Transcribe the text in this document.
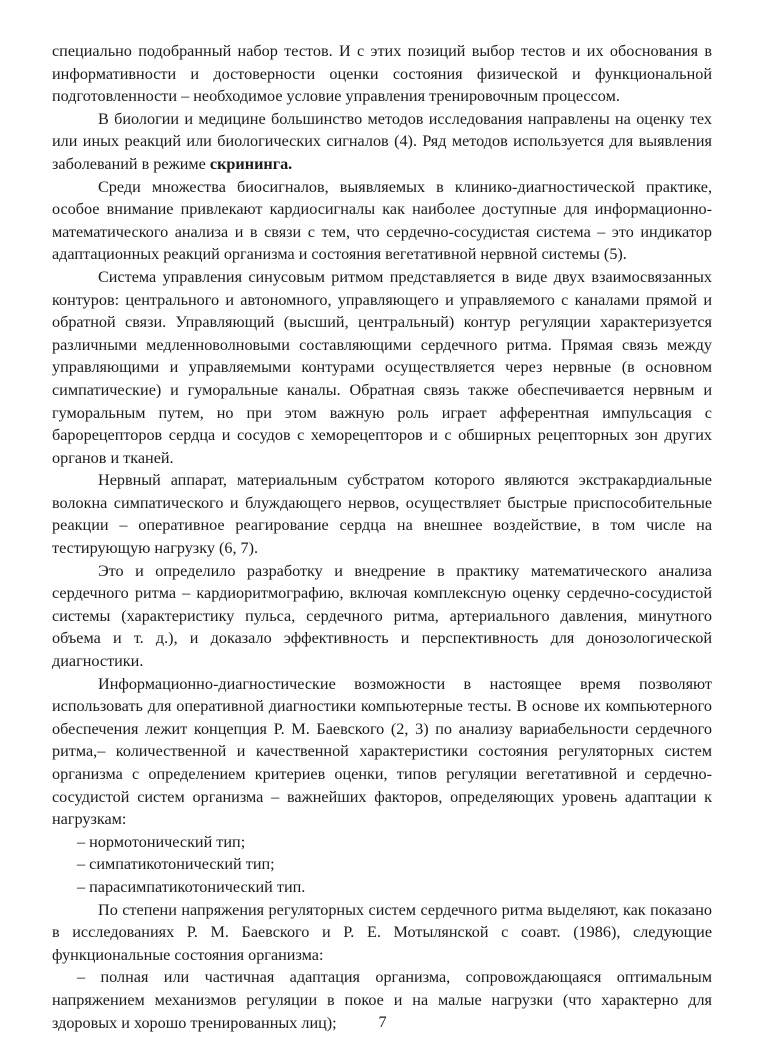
специально подобранный набор тестов. И с этих позиций выбор тестов и их обоснования в информативности и достоверности оценки состояния физической и функциональной подготовленности – необходимое условие управления тренировочным процессом.

В биологии и медицине большинство методов исследования направлены на оценку тех или иных реакций или биологических сигналов (4). Ряд методов используется для выявления заболеваний в режиме скрининга.

Среди множества биосигналов, выявляемых в клинико-диагностической практике, особое внимание привлекают кардиосигналы как наиболее доступные для информационно-математического анализа и в связи с тем, что сердечно-сосудистая система – это индикатор адаптационных реакций организма и состояния вегетативной нервной системы (5).

Система управления синусовым ритмом представляется в виде двух взаимосвязанных контуров: центрального и автономного, управляющего и управляемого с каналами прямой и обратной связи. Управляющий (высший, центральный) контур регуляции характеризуется различными медленноволновыми составляющими сердечного ритма. Прямая связь между управляющими и управляемыми контурами осуществляется через нервные (в основном симпатические) и гуморальные каналы. Обратная связь также обеспечивается нервным и гуморальным путем, но при этом важную роль играет афферентная импульсация с барорецепторов сердца и сосудов с хеморецепторов и с обширных рецепторных зон других органов и тканей.

Нервный аппарат, материальным субстратом которого являются экстракардиальные волокна симпатического и блуждающего нервов, осуществляет быстрые приспособительные реакции – оперативное реагирование сердца на внешнее воздействие, в том числе на тестирующую нагрузку (6, 7).

Это и определило разработку и внедрение в практику математического анализа сердечного ритма – кардиоритмографию, включая комплексную оценку сердечно-сосудистой системы (характеристику пульса, сердечного ритма, артериального давления, минутного объема и т. д.), и доказало эффективность и перспективность для донозологической диагностики.

Информационно-диагностические возможности в настоящее время позволяют использовать для оперативной диагностики компьютерные тесты. В основе их компьютерного обеспечения лежит концепция Р. М. Баевского (2, 3) по анализу вариабельности сердечного ритма,– количественной и качественной характеристики состояния регуляторных систем организма с определением критериев оценки, типов регуляции вегетативной и сердечно-сосудистой систем организма – важнейших факторов, определяющих уровень адаптации к нагрузкам:

– нормотонический тип;

– симпатикотонический тип;

– парасимпатикотонический тип.

По степени напряжения регуляторных систем сердечного ритма выделяют, как показано в исследованиях Р. М. Баевского и Р. Е. Мотылянской с соавт. (1986), следующие функциональные состояния организма:

– полная или частичная адаптация организма, сопровождающаяся оптимальным напряжением механизмов регуляции в покое и на малые нагрузки (что характерно для здоровых и хорошо тренированных лиц);	7
